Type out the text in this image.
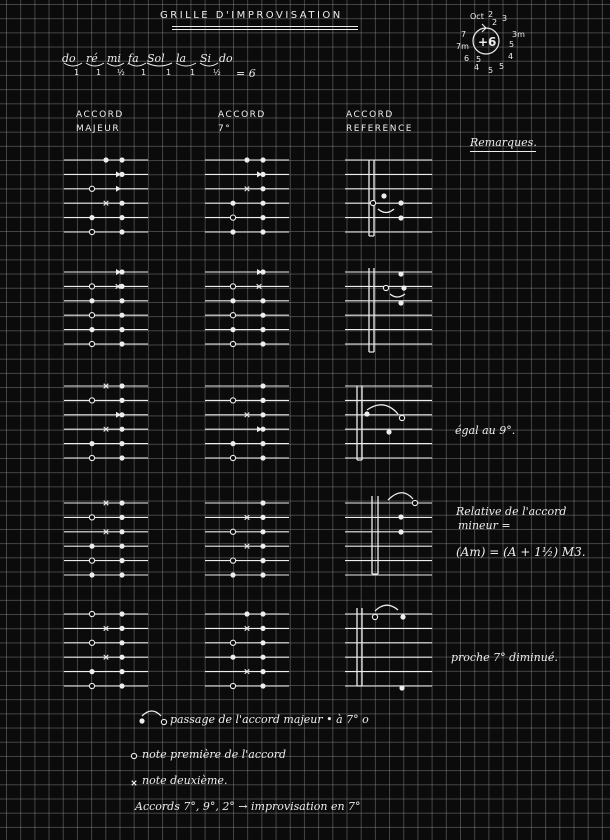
GRILLE D'IMPROVISATION
do ré mi fa Sol la Si do
1 1 ½ 1 1 1 ½ = 6
+6
Oct 2
2 3
3m
5
4
5
5
4
6 5
7m
7
ACCORD
MAJEUR
ACCORD
7°
ACCORD
REFERENCE
Remarques.
égal au 9°.
Relative de l'accord
mineur =
(Am) = (A + 1½) M3.
proche 7° diminué.
passage de l'accord majeur • à 7° o
note première de l'accord
note deuxième.
Accords 7°, 9°, 2° → improvisation en 7°
